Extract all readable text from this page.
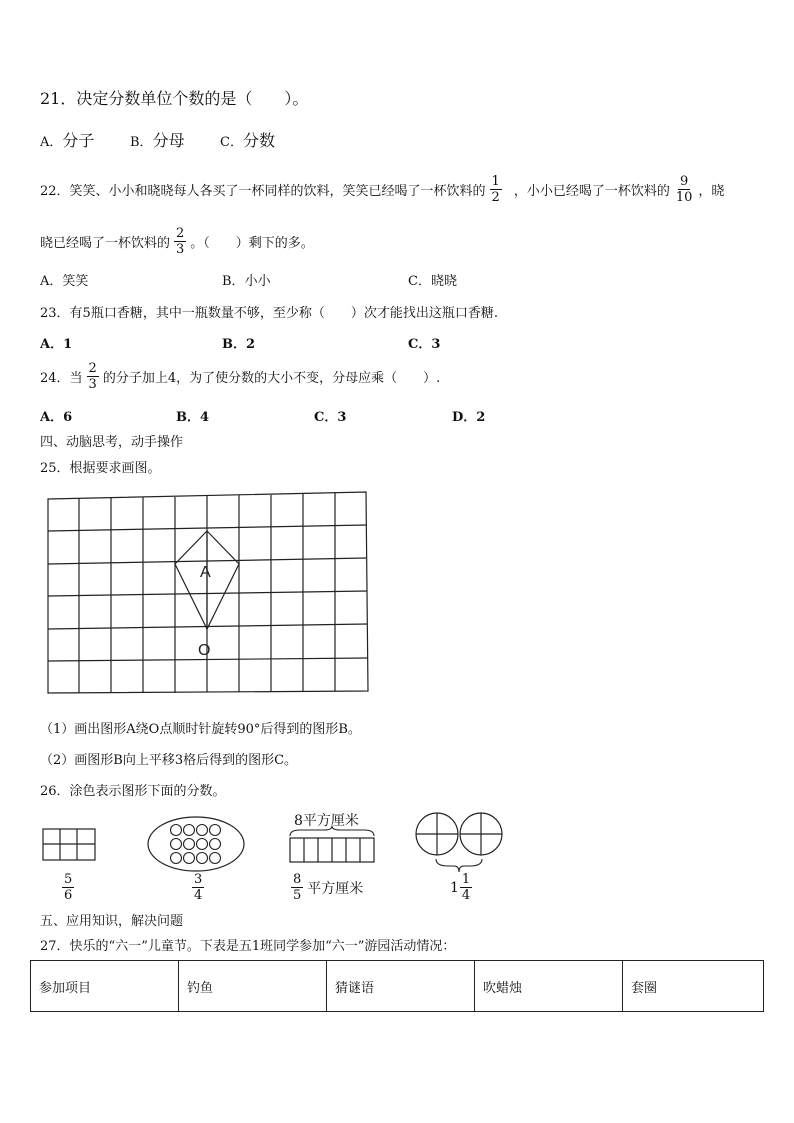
21．决定分数单位个数的是（　　）。
A．分子	B．分母	C．分数
22．笑笑、小小和晓晓每人各买了一杯同样的饮料，笑笑已经喝了一杯饮料的 $\frac{1}{2}$ ，小小已经喝了一杯饮料的 $\frac{9}{10}$ ，晓
晓已经喝了一杯饮料的 $\frac{2}{3}$ 。（　　）剩下的多。
A．笑笑	B．小小	C．晓晓
23．有5瓶口香糖，其中一瓶数量不够，至少称（　　）次才能找出这瓶口香糖.
A．1	B．2	C．3
24．当 $\frac{2}{3}$ 的分子加上4，为了使分数的大小不变，分母应乘（　　）.
A．6	B．4	C．3	D．2
四、动脑思考，动手操作
25．根据要求画图。
A
O
（1）画出图形A绕O点顺时针旋转90°后得到的图形B。
（2）画图形B向上平移3格后得到的图形C。
26．涂色表示图形下面的分数。
$\frac{5}{6}$	$\frac{3}{4}$
8平方厘米
$\frac{8}{5}$ 平方厘米	$1 \frac{1}{4}$
五、应用知识，解决问题
27．快乐的“六一”儿童节。下表是五1班同学参加“六一”游园活动情况：
参加项目	钓鱼	猜谜语	吹蜡烛	套圈
